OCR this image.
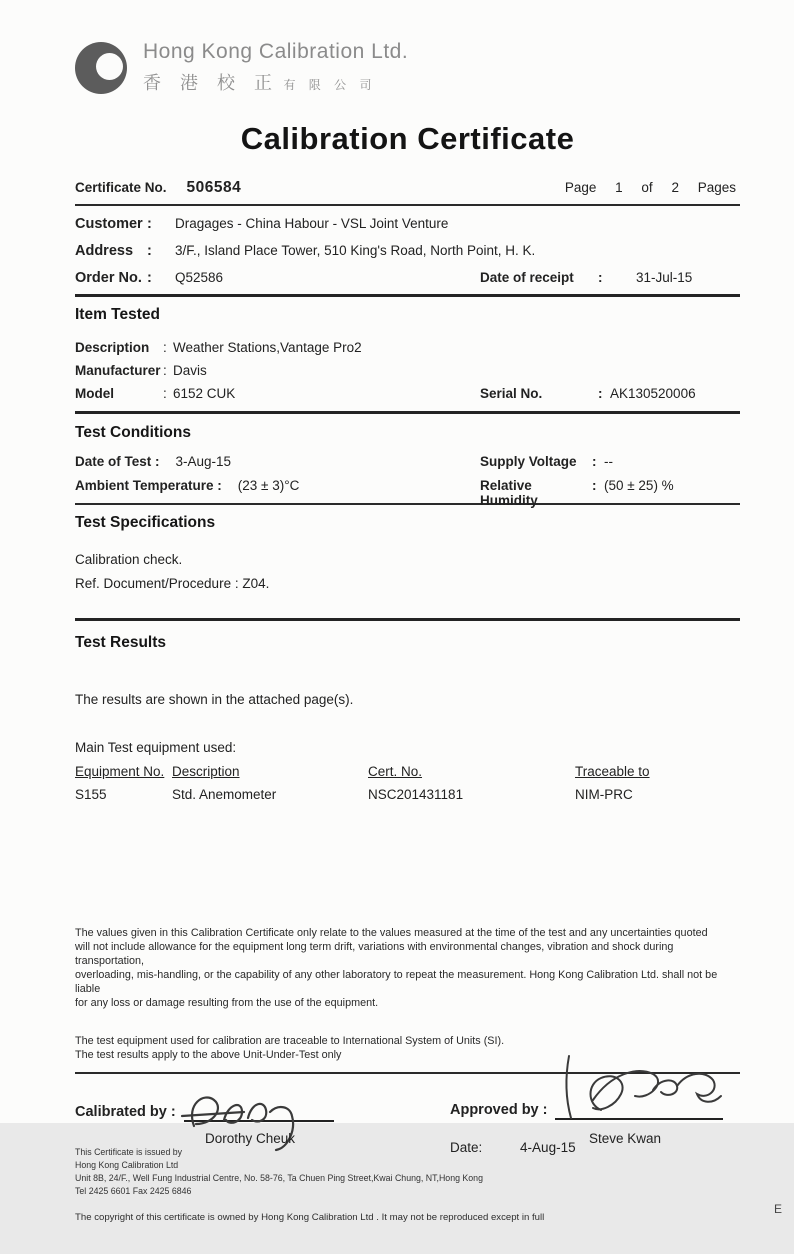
Hong Kong Calibration Ltd.
香 港 校 正 有 限 公 司
Calibration Certificate
Certificate No. 506584	Page 1 of 2 Pages
Customer :	Dragages - China Habour - VSL Joint Venture
Address :	3/F., Island Place Tower, 510 King's Road, North Point, H. K.
Order No. :	Q52586	Date of receipt	:	31-Jul-15
Item Tested
Description	: Weather Stations,Vantage Pro2
Manufacturer : Davis
Model	: 6152 CUK	Serial No.	: AK130520006
Test Conditions
Date of Test : 3-Aug-15	Supply Voltage	: --
Ambient Temperature : (23 ± 3)°C	Relative Humidity
: (50 ± 25) %
Test Specifications
Calibration check.
Ref. Document/Procedure : Z04.
Test Results
The results are shown in the attached page(s).
Main Test equipment used:
Equipment No. Description	Cert. No.	Traceable to
S155	Std. Anemometer	NSC201431181	NIM-PRC
The values given in this Calibration Certificate only relate to the values measured at the time of the test and any uncertainties quoted
will not include allowance for the equipment long term drift, variations with environmental changes, vibration and shock during transportation,
overloading, mis-handling, or the capability of any other laboratory to repeat the measurement. Hong Kong Calibration Ltd. shall not be liable
for any loss or damage resulting from the use of the equipment.
The test equipment used for calibration are traceable to International System of Units (SI).
The test results apply to the above Unit-Under-Test only
Calibrated by :
Dorothy Cheuk
Approved by :
Steve Kwan
This Certificate is issued by
Hong Kong Calibration Ltd
Unit 8B, 24/F., Well Fung Industrial Centre, No. 58-76, Ta Chuen Ping Street,Kwai Chung, NT,Hong Kong
Tel 2425 6601 Fax 2425 6846
Date:	4-Aug-15
The copyright of this certificate is owned by Hong Kong Calibration Ltd . It may not be reproduced except in full
E
